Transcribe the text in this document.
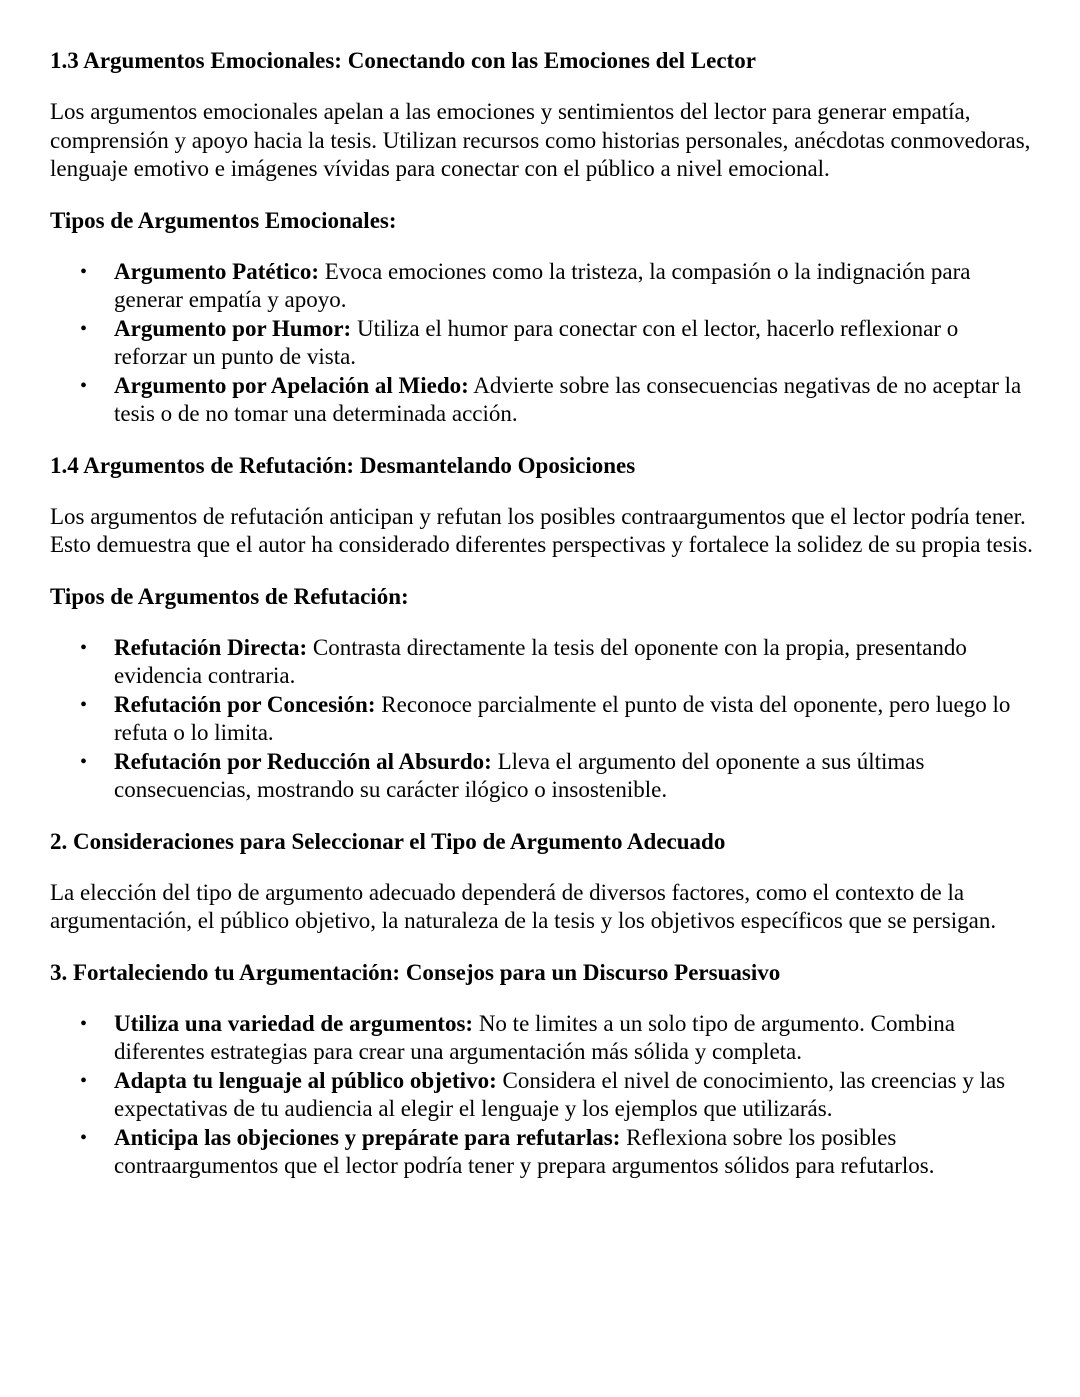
1.3 Argumentos Emocionales: Conectando con las Emociones del Lector

Los argumentos emocionales apelan a las emociones y sentimientos del lector para generar empatía, comprensión y apoyo hacia la tesis. Utilizan recursos como historias personales, anécdotas conmovedoras, lenguaje emotivo e imágenes vívidas para conectar con el público a nivel emocional.

Tipos de Argumentos Emocionales:

• Argumento Patético: Evoca emociones como la tristeza, la compasión o la indignación para generar empatía y apoyo.
• Argumento por Humor: Utiliza el humor para conectar con el lector, hacerlo reflexionar o reforzar un punto de vista.
• Argumento por Apelación al Miedo: Advierte sobre las consecuencias negativas de no aceptar la tesis o de no tomar una determinada acción.
1.4 Argumentos de Refutación: Desmantelando Oposiciones

Los argumentos de refutación anticipan y refutan los posibles contraargumentos que el lector podría tener. Esto demuestra que el autor ha considerado diferentes perspectivas y fortalece la solidez de su propia tesis.

Tipos de Argumentos de Refutación:

• Refutación Directa: Contrasta directamente la tesis del oponente con la propia, presentando evidencia contraria.
• Refutación por Concesión: Reconoce parcialmente el punto de vista del oponente, pero luego lo refuta o lo limita.
• Refutación por Reducción al Absurdo: Lleva el argumento del oponente a sus últimas consecuencias, mostrando su carácter ilógico o insostenible.
2. Consideraciones para Seleccionar el Tipo de Argumento Adecuado

La elección del tipo de argumento adecuado dependerá de diversos factores, como el contexto de la argumentación, el público objetivo, la naturaleza de la tesis y los objetivos específicos que se persigan.

3. Fortaleciendo tu Argumentación: Consejos para un Discurso Persuasivo
• Utiliza una variedad de argumentos: No te limites a un solo tipo de argumento. Combina diferentes estrategias para crear una argumentación más sólida y completa.
• Adapta tu lenguaje al público objetivo: Considera el nivel de conocimiento, las creencias y las expectativas de tu audiencia al elegir el lenguaje y los ejemplos que utilizarás.
• Anticipa las objeciones y prepárate para refutarlas: Reflexiona sobre los posibles contraargumentos que el lector podría tener y prepara argumentos sólidos para refutarlos.
